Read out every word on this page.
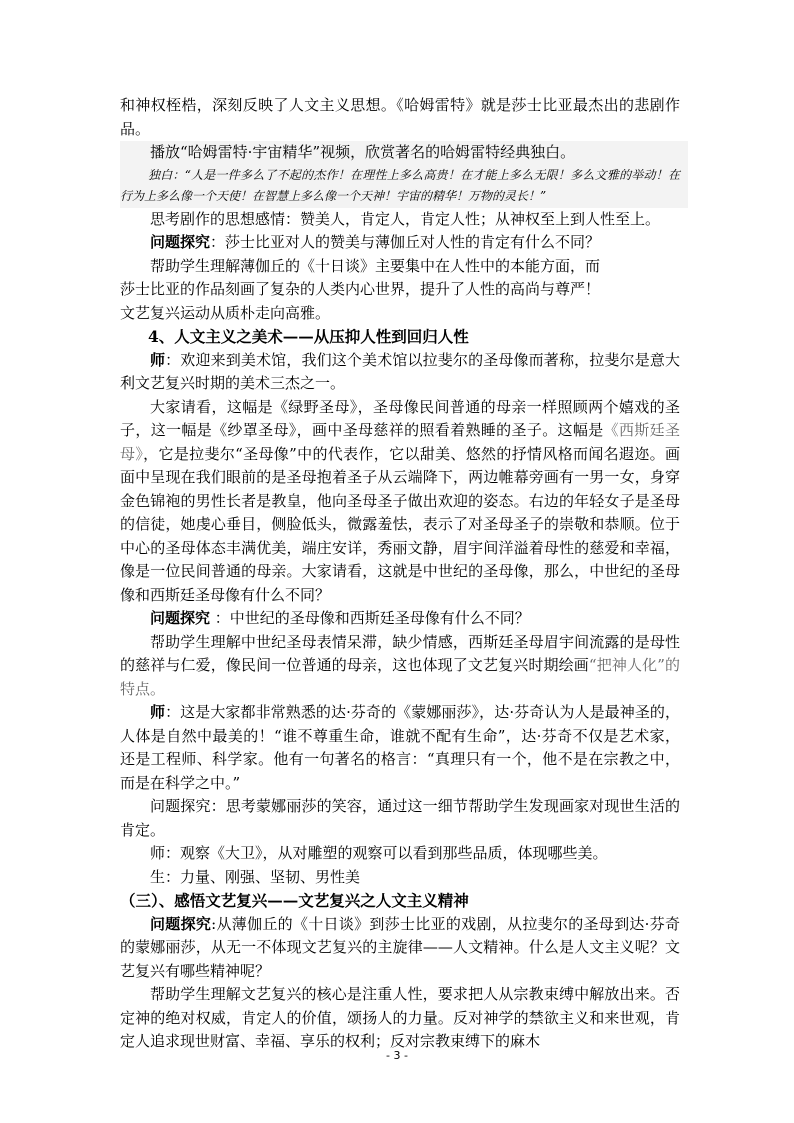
和神权桎梏，深刻反映了人文主义思想。《哈姆雷特》就是莎士比亚最杰出的悲剧作品。

播放“哈姆雷特·宇宙精华”视频，欣赏著名的哈姆雷特经典独白。

独白：“人是一件多么了不起的杰作！在理性上多么高贵！在才能上多么无限！多么文雅的举动！在行为上多么像一个天使！在智慧上多么像一个天神！宇宙的精华！万物的灵长！”

思考剧作的思想感情：赞美人，肯定人，肯定人性；从神权至上到人性至上。

问题探究：莎士比亚对人的赞美与薄伽丘对人性的肯定有什么不同？

帮助学生理解薄伽丘的《十日谈》主要集中在人性中的本能方面，而

莎士比亚的作品刻画了复杂的人类内心世界，提升了人性的高尚与尊严！

文艺复兴运动从质朴走向高雅。

4、人文主义之美术——从压抑人性到回归人性

师：欢迎来到美术馆，我们这个美术馆以拉斐尔的圣母像而著称，拉斐尔是意大利文艺复兴时期的美术三杰之一。

大家请看，这幅是《绿野圣母》，圣母像民间普通的母亲一样照顾两个嬉戏的圣子，这一幅是《纱罩圣母》，画中圣母慈祥的照看着熟睡的圣子。这幅是《西斯廷圣母》，它是拉斐尔“圣母像”中的代表作，它以甜美、悠然的抒情风格而闻名遐迩。画面中呈现在我们眼前的是圣母抱着圣子从云端降下，两边帷幕旁画有一男一女，身穿金色锦袍的男性长者是教皇，他向圣母圣子做出欢迎的姿态。右边的年轻女子是圣母的信徒，她虔心垂目，侧脸低头，微露羞怯，表示了对圣母圣子的崇敬和恭顺。位于中心的圣母体态丰满优美，端庄安详，秀丽文静，眉宇间洋溢着母性的慈爱和幸福，像是一位民间普通的母亲。大家请看，这就是中世纪的圣母像，那么，中世纪的圣母像和西斯廷圣母像有什么不同？

问题探究 ：中世纪的圣母像和西斯廷圣母像有什么不同？

帮助学生理解中世纪圣母表情呆滞，缺少情感，西斯廷圣母眉宇间流露的是母性的慈祥与仁爱，像民间一位普通的母亲，这也体现了文艺复兴时期绘画“把神人化”的特点。

师：这是大家都非常熟悉的达·芬奇的《蒙娜丽莎》，达·芬奇认为人是最神圣的，人体是自然中最美的！“谁不尊重生命，谁就不配有生命”，达·芬奇不仅是艺术家，还是工程师、科学家。他有一句著名的格言：“真理只有一个，他不是在宗教之中，而是在科学之中。”

问题探究：思考蒙娜丽莎的笑容，通过这一细节帮助学生发现画家对现世生活的肯定。

师：观察《大卫》，从对雕塑的观察可以看到那些品质，体现哪些美。

生：力量、刚强、坚韧、男性美

（三）、感悟文艺复兴——文艺复兴之人文主义精神

问题探究:从薄伽丘的《十日谈》到莎士比亚的戏剧，从拉斐尔的圣母到达·芬奇的蒙娜丽莎，从无一不体现文艺复兴的主旋律——人文精神。什么是人文主义呢？文艺复兴有哪些精神呢？

帮助学生理解文艺复兴的核心是注重人性，要求把人从宗教束缚中解放出来。否定神的绝对权威，肯定人的价值，颂扬人的力量。反对神学的禁欲主义和来世观，肯定人追求现世财富、幸福、享乐的权利；反对宗教束缚下的麻木

- 3 -
